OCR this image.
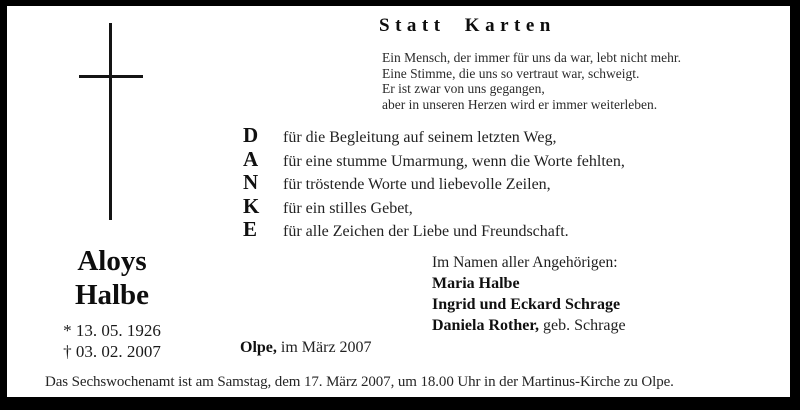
Statt Karten
Ein Mensch, der immer für uns da war, lebt nicht mehr.
Eine Stimme, die uns so vertraut war, schweigt.
Er ist zwar von uns gegangen,
aber in unseren Herzen wird er immer weiterleben.
D	für die Begleitung auf seinem letzten Weg,
A	für eine stumme Umarmung, wenn die Worte fehlten,
N	für tröstende Worte und liebevolle Zeilen,
K	für ein stilles Gebet,
E	für alle Zeichen der Liebe und Freundschaft.
Aloys
Halbe
* 13. 05. 1926
† 03. 02. 2007
Im Namen aller Angehörigen:
Maria Halbe
Ingrid und Eckard Schrage
Daniela Rother, geb. Schrage
Olpe, im März 2007
Das Sechswochenamt ist am Samstag, dem 17. März 2007, um 18.00 Uhr in der Martinus-Kirche zu Olpe.
